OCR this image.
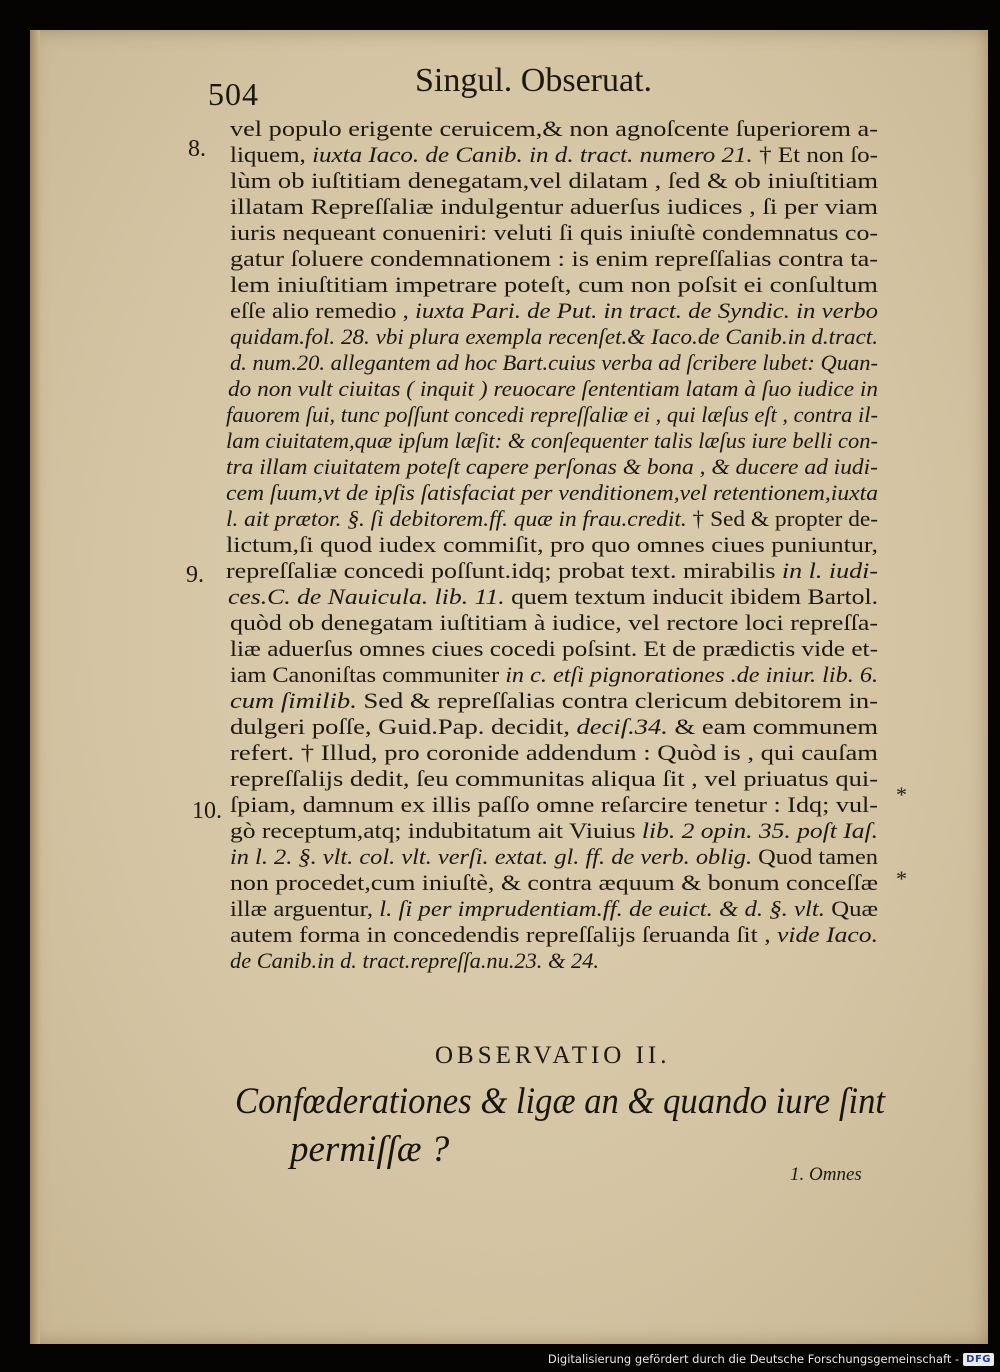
504	Singul. Obseruat.
vel populo erigente ceruicem,& non agnoſcente ſuperiorem a-
liquem, iuxta Iaco. de Canib. in d. tract. numero 21. † Et non ſo-
lùm ob iuſtitiam denegatam,vel dilatam , ſed & ob iniuſtitiam
illatam Repreſſaliæ indulgentur aduerſus iudices , ſi per viam
iuris nequeant conueniri: veluti ſi quis iniuſtè condemnatus co-
gatur ſoluere condemnationem : is enim repreſſalias contra ta-
lem iniuſtitiam impetrare poteſt, cum non poſsit ei conſultum
eſſe alio remedio , iuxta Pari. de Put. in tract. de Syndic. in verbo
quidam.fol. 28. vbi plura exempla recenſet.& Iaco.de Canib.in d.tract.
d. num.20. allegantem ad hoc Bart.cuius verba ad ſcribere lubet: Quan-
do non vult ciuitas ( inquit ) reuocare ſententiam latam à ſuo iudice in
fauorem ſui, tunc poſſunt concedi repreſſaliæ ei , qui læſus eſt , contra il-
lam ciuitatem,quæ ipſum læſit: & conſequenter talis læſus iure belli con-
tra illam ciuitatem poteſt capere perſonas & bona , & ducere ad iudi-
cem ſuum,vt de ipſis ſatisfaciat per venditionem,vel retentionem,iuxta
l. ait prætor. §. ſi debitorem.ff. quæ in frau.credit. † Sed & propter de-
lictum,ſi quod iudex commiſit, pro quo omnes ciues puniuntur,
repreſſaliæ concedi poſſunt.idq; probat text. mirabilis in l. iudi-
ces.C. de Nauicula. lib. 11. quem textum inducit ibidem Bartol.
quòd ob denegatam iuſtitiam à iudice, vel rectore loci repreſſa-
liæ aduerſus omnes ciues cocedi poſsint. Et de prædictis vide et-
iam Canoniſtas communiter in c. etſi pignorationes .de iniur. lib. 6.
cum ſimilib. Sed & repreſſalias contra clericum debitorem in-
dulgeri poſſe, Guid.Pap. decidit, deciſ.34. & eam communem
refert. † Illud, pro coronide addendum : Quòd is , qui cauſam
repreſſalijs dedit, ſeu communitas aliqua ſit , vel priuatus qui-
ſpiam, damnum ex illis paſſo omne reſarcire tenetur : Idq; vul-
gò receptum,atq; indubitatum ait Viuius lib. 2 opin. 35. poſt Iaſ.
in l. 2. §. vlt. col. vlt. verſi. extat. gl. ff. de verb. oblig. Quod tamen
non procedet,cum iniuſtè, & contra æquum & bonum conceſſæ
illæ arguentur, l. ſi per imprudentiam.ff. de euict. & d. §. vlt. Quæ
autem forma in concedendis repreſſalijs ſeruanda ſit , vide Iaco.
de Canib.in d. tract.repreſſa.nu.23. & 24.
8.
9.
10.
*
*
OBSERVATIO II.
Confœderationes & ligæ an & quando iure ſint
permiſſæ ?
1. Omnes
Digitalisierung gefördert durch die Deutsche Forschungsgemeinschaft - DFG
